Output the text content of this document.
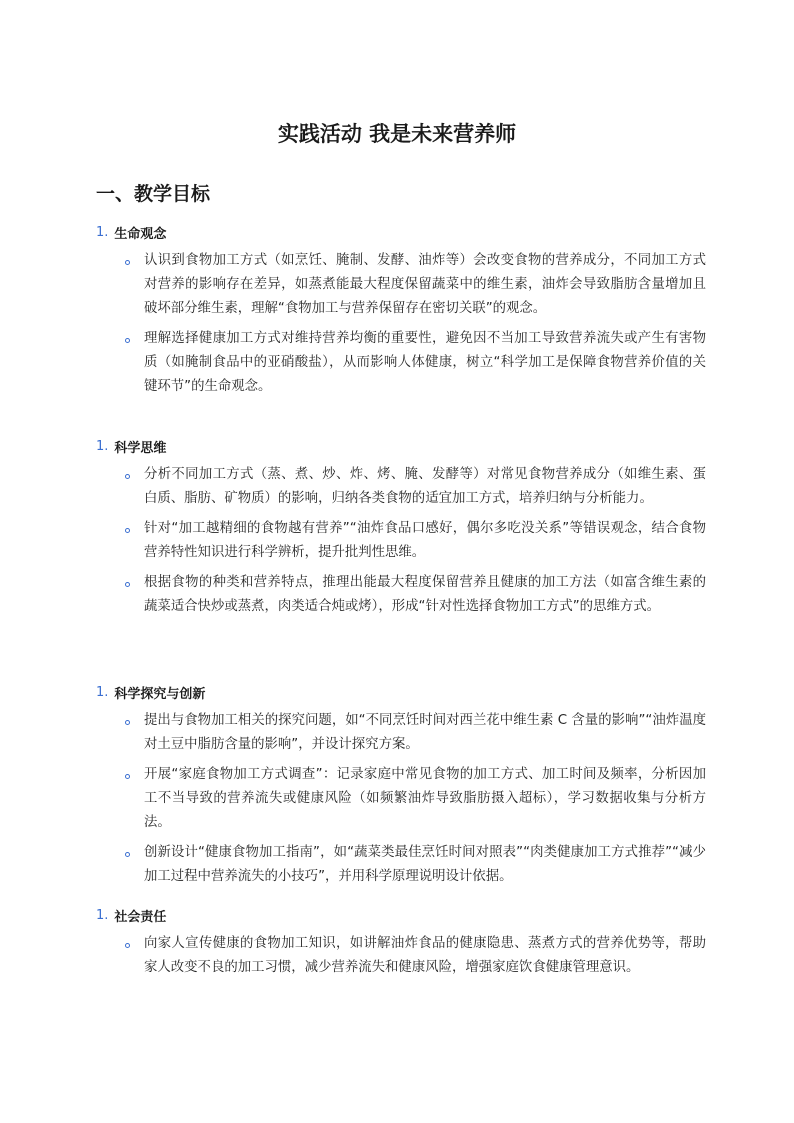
实践活动 我是未来营养师
一、教学目标
1. 生命观念
认识到食物加工方式（如烹饪、腌制、发酵、油炸等）会改变食物的营养成分，不同加工方式对营养的影响存在差异，如蒸煮能最大程度保留蔬菜中的维生素，油炸会导致脂肪含量增加且破坏部分维生素，理解“食物加工与营养保留存在密切关联”的观念。
理解选择健康加工方式对维持营养均衡的重要性，避免因不当加工导致营养流失或产生有害物质（如腌制食品中的亚硝酸盐），从而影响人体健康，树立“科学加工是保障食物营养价值的关键环节”的生命观念。
1. 科学思维
分析不同加工方式（蒸、煮、炒、炸、烤、腌、发酵等）对常见食物营养成分（如维生素、蛋白质、脂肪、矿物质）的影响，归纳各类食物的适宜加工方式，培养归纳与分析能力。
针对“加工越精细的食物越有营养”“油炸食品口感好，偶尔多吃没关系”等错误观念，结合食物营养特性知识进行科学辨析，提升批判性思维。
根据食物的种类和营养特点，推理出能最大程度保留营养且健康的加工方法（如富含维生素的蔬菜适合快炒或蒸煮，肉类适合炖或烤），形成“针对性选择食物加工方式”的思维方式。
1. 科学探究与创新
提出与食物加工相关的探究问题，如“不同烹饪时间对西兰花中维生素 C 含量的影响”“油炸温度对土豆中脂肪含量的影响”，并设计探究方案。
开展“家庭食物加工方式调查”：记录家庭中常见食物的加工方式、加工时间及频率，分析因加工不当导致的营养流失或健康风险（如频繁油炸导致脂肪摄入超标），学习数据收集与分析方法。
创新设计“健康食物加工指南”，如“蔬菜类最佳烹饪时间对照表”“肉类健康加工方式推荐”“减少加工过程中营养流失的小技巧”，并用科学原理说明设计依据。
1. 社会责任
向家人宣传健康的食物加工知识，如讲解油炸食品的健康隐患、蒸煮方式的营养优势等，帮助家人改变不良的加工习惯，减少营养流失和健康风险，增强家庭饮食健康管理意识。
